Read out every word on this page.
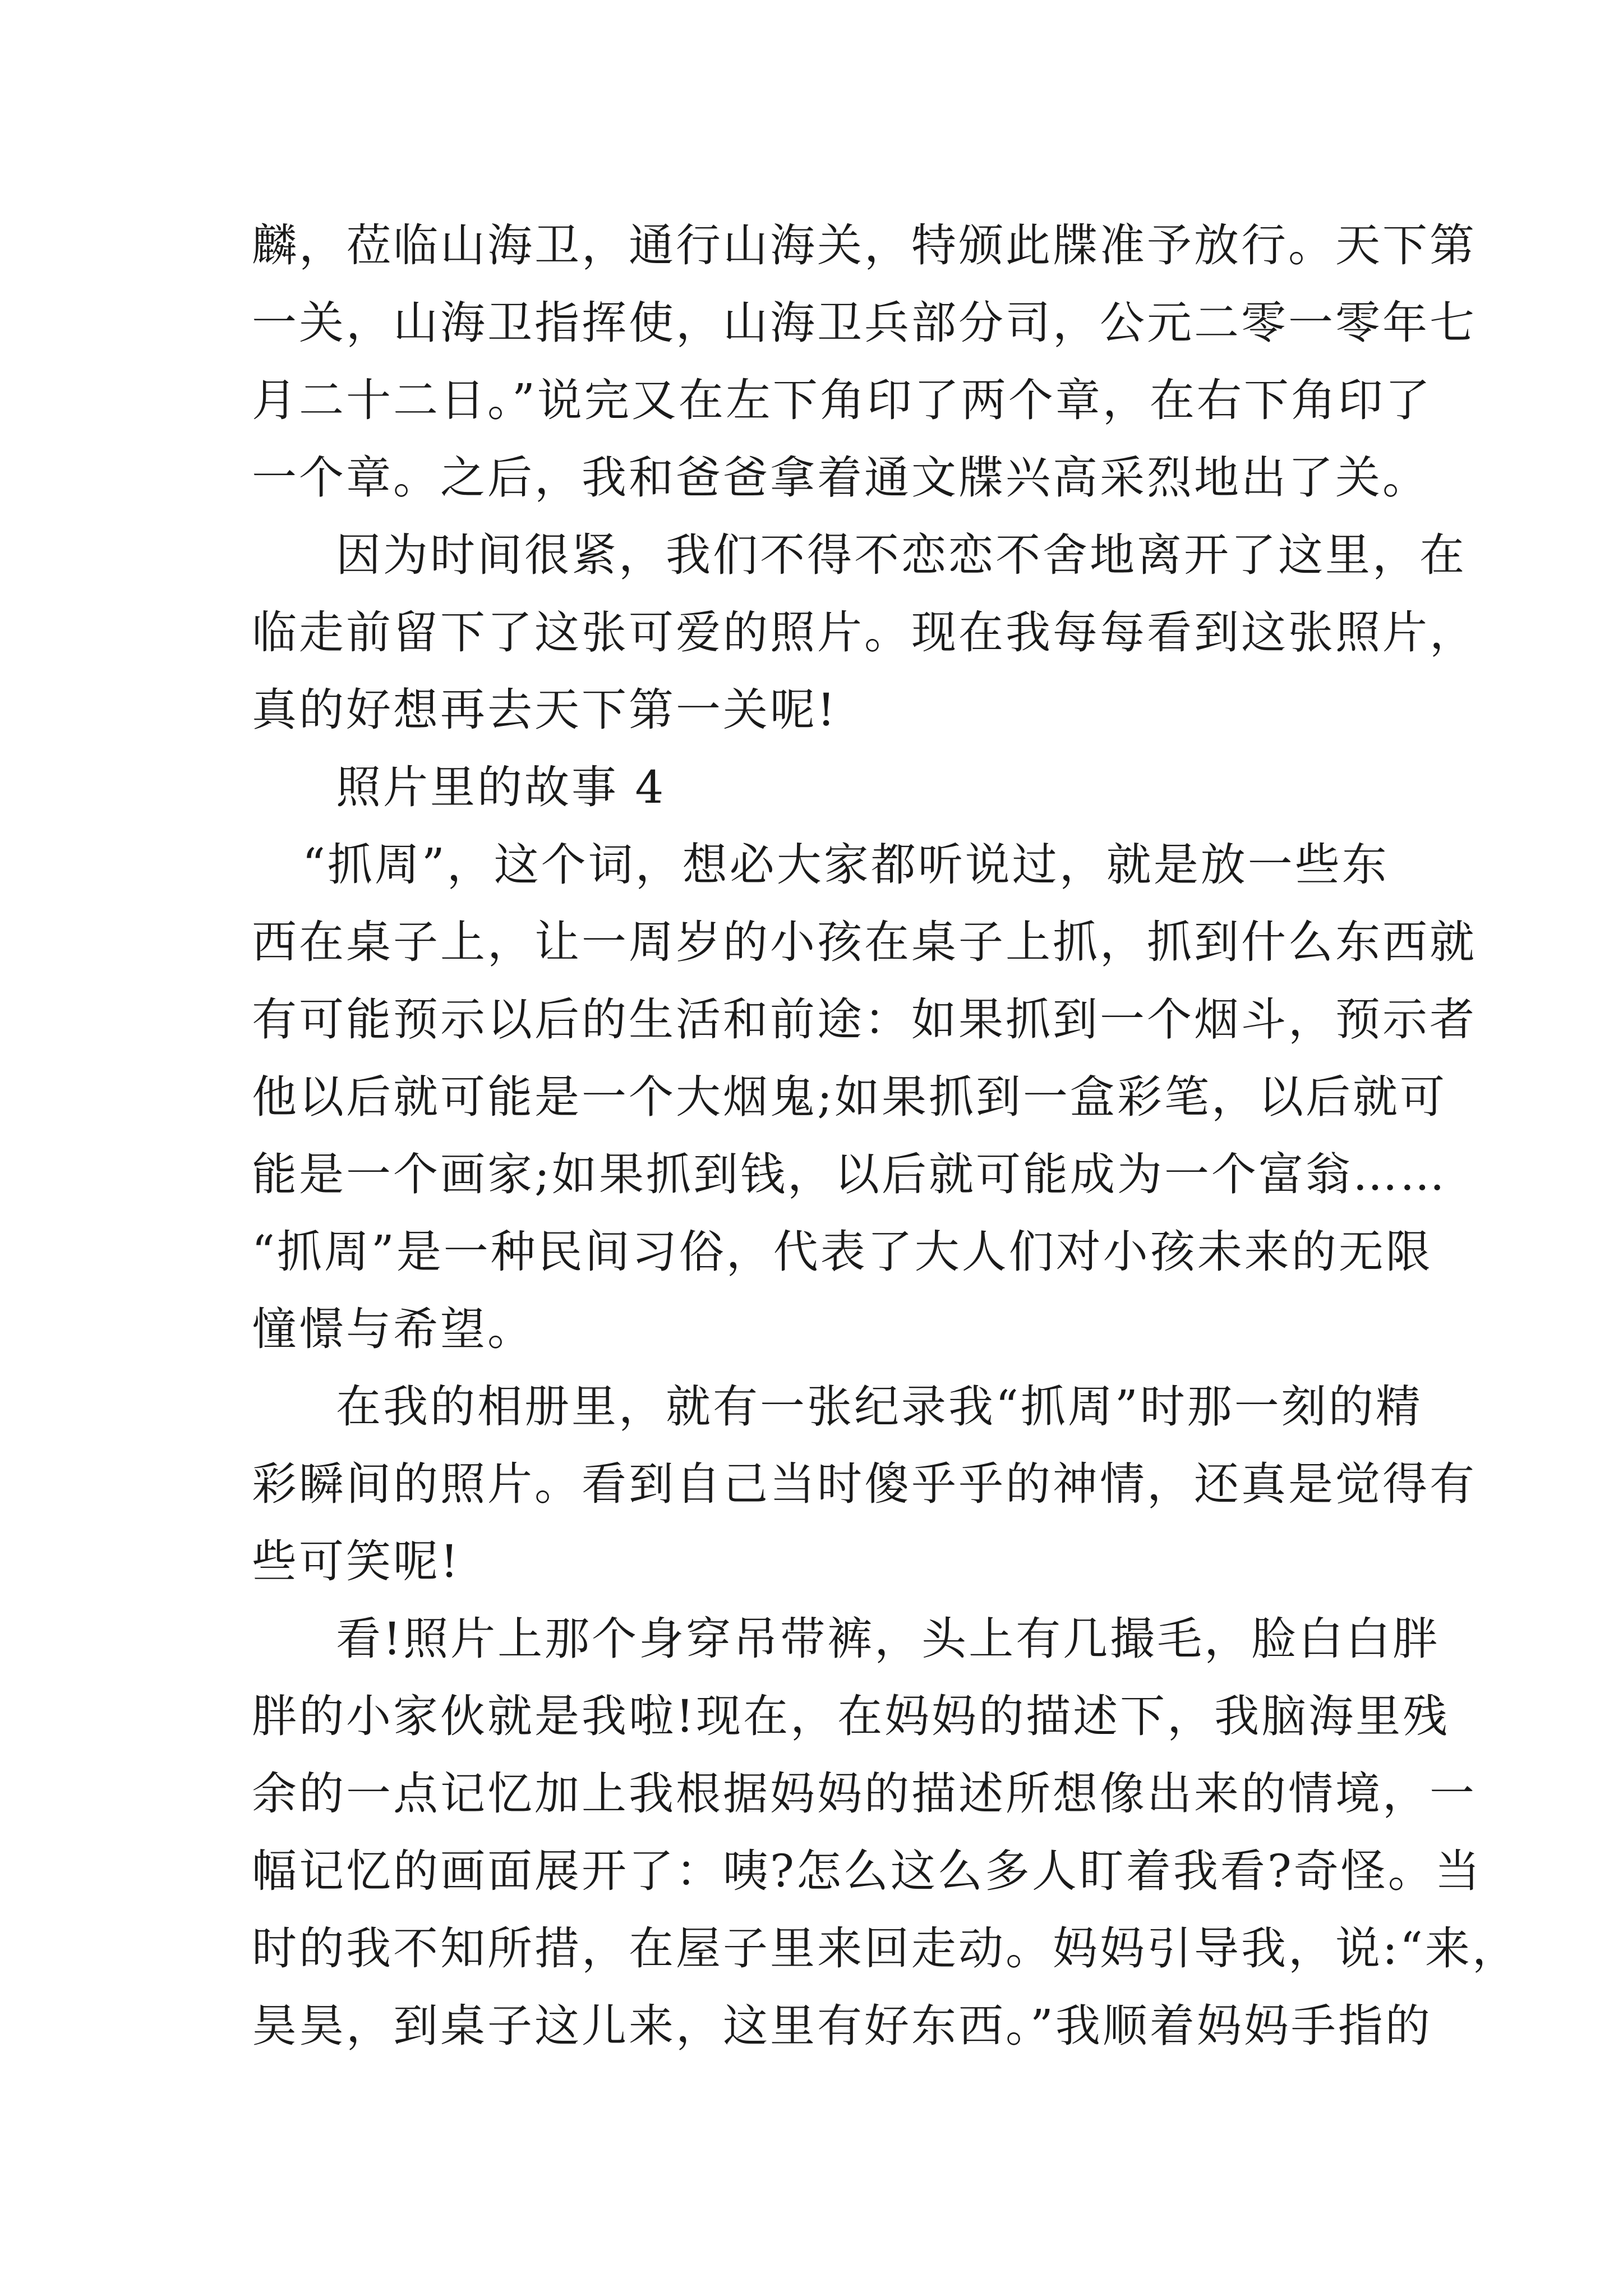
麟，莅临山海卫，通行山海关，特颁此牒准予放行。天下第
一关，山海卫指挥使，山海卫兵部分司，公元二零一零年七
月二十二日。”说完又在左下角印了两个章，在右下角印了
一个章。之后，我和爸爸拿着通文牒兴高采烈地出了关。
因为时间很紧，我们不得不恋恋不舍地离开了这里，在
临走前留下了这张可爱的照片。现在我每每看到这张照片，
真的好想再去天下第一关呢!
照片里的故事 4
“抓周”，这个词，想必大家都听说过，就是放一些东
西在桌子上，让一周岁的小孩在桌子上抓，抓到什么东西就
有可能预示以后的生活和前途：如果抓到一个烟斗，预示者
他以后就可能是一个大烟鬼;如果抓到一盒彩笔，以后就可
能是一个画家;如果抓到钱，以后就可能成为一个富翁……
“抓周”是一种民间习俗，代表了大人们对小孩未来的无限
憧憬与希望。
在我的相册里，就有一张纪录我“抓周”时那一刻的精
彩瞬间的照片。看到自己当时傻乎乎的神情，还真是觉得有
些可笑呢!
看!照片上那个身穿吊带裤，头上有几撮毛，脸白白胖
胖的小家伙就是我啦!现在，在妈妈的描述下，我脑海里残
余的一点记忆加上我根据妈妈的描述所想像出来的情境，一
幅记忆的画面展开了：咦?怎么这么多人盯着我看?奇怪。当
时的我不知所措，在屋子里来回走动。妈妈引导我，说:“来，
昊昊，到桌子这儿来，这里有好东西。”我顺着妈妈手指的
